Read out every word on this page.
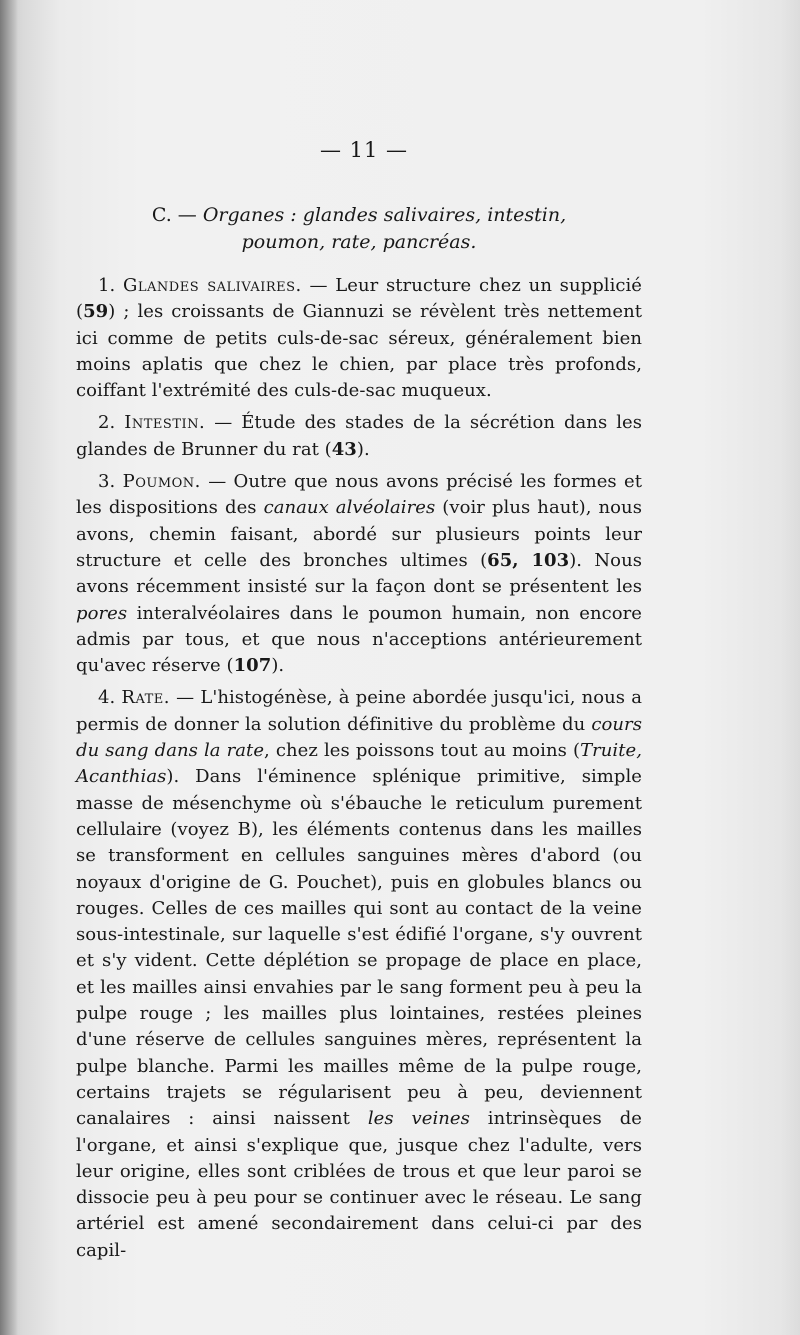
— 11 —
C. — Organes : glandes salivaires, intestin,
poumon, rate, pancréas.

1. Glandes salivaires. — Leur structure chez un supplicié (59) ; les croissants de Giannuzi se révèlent très nettement ici comme de petits culs-de-sac séreux, généralement bien moins aplatis que chez le chien, par place très profonds, coiffant l'extrémité des culs-de-sac muqueux.

2. Intestin. — Étude des stades de la sécrétion dans les glandes de Brunner du rat (43).

3. Poumon. — Outre que nous avons précisé les formes et les dispositions des canaux alvéolaires (voir plus haut), nous avons, chemin faisant, abordé sur plusieurs points leur structure et celle des bronches ultimes (65, 103). Nous avons récemment insisté sur la façon dont se présentent les pores interalvéolaires dans le poumon humain, non encore admis par tous, et que nous n'acceptions antérieurement qu'avec réserve (107).

4. Rate. — L'histogénèse, à peine abordée jusqu'ici, nous a permis de donner la solution définitive du problème du cours du sang dans la rate, chez les poissons tout au moins (Truite, Acanthias). Dans l'éminence splénique primitive, simple masse de mésenchyme où s'ébauche le reticulum purement cellulaire (voyez B), les éléments contenus dans les mailles se transforment en cellules sanguines mères d'abord (ou noyaux d'origine de G. Pouchet), puis en globules blancs ou rouges. Celles de ces mailles qui sont au contact de la veine sous-intestinale, sur laquelle s'est édifié l'organe, s'y ouvrent et s'y vident. Cette déplétion se propage de place en place, et les mailles ainsi envahies par le sang forment peu à peu la pulpe rouge ; les mailles plus lointaines, restées pleines d'une réserve de cellules sanguines mères, représentent la pulpe blanche. Parmi les mailles même de la pulpe rouge, certains trajets se régularisent peu à peu, deviennent canalaires : ainsi naissent les veines intrinsèques de l'organe, et ainsi s'explique que, jusque chez l'adulte, vers leur origine, elles sont criblées de trous et que leur paroi se dissocie peu à peu pour se continuer avec le réseau. Le sang artériel est amené secondairement dans celui-ci par des capil-
